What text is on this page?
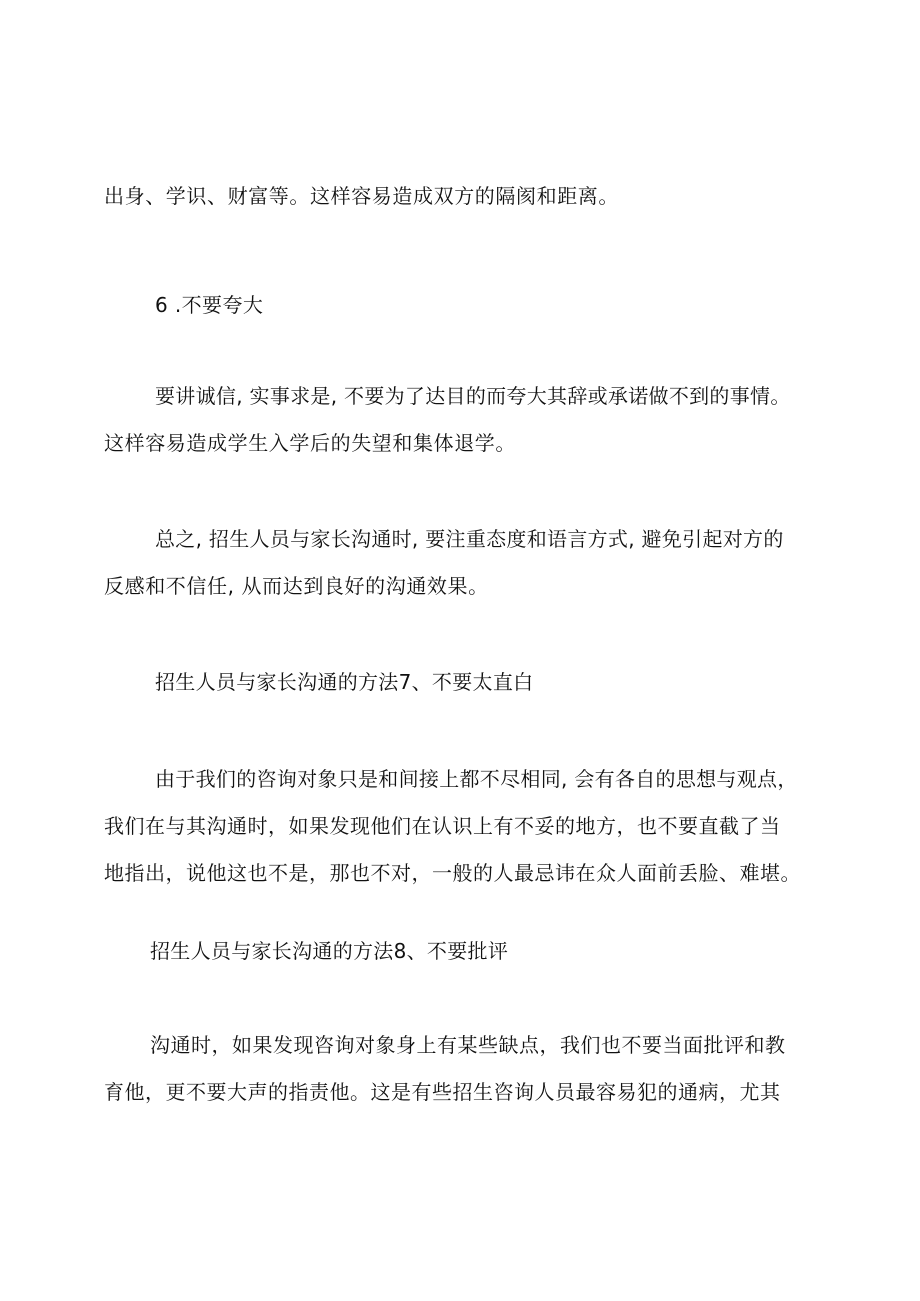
出身、学识、财富等。这样容易造成双方的隔阂和距离。
6 .不要夸大
要讲诚信, 实事求是, 不要为了达目的而夸大其辞或承诺做不到的事情。
这样容易造成学生入学后的失望和集体退学。
总之, 招生人员与家长沟通时, 要注重态度和语言方式, 避免引起对方的
反感和不信任, 从而达到良好的沟通效果。
招生人员与家长沟通的方法7、不要太直白
由于我们的咨询对象只是和间接上都不尽相同, 会有各自的思想与观点，
我们在与其沟通时，如果发现他们在认识上有不妥的地方，也不要直截了当
地指出，说他这也不是，那也不对，一般的人最忌讳在众人面前丢脸、难堪。
招生人员与家长沟通的方法8、不要批评
沟通时，如果发现咨询对象身上有某些缺点，我们也不要当面批评和教
育他，更不要大声的指责他。这是有些招生咨询人员最容易犯的通病，尤其
